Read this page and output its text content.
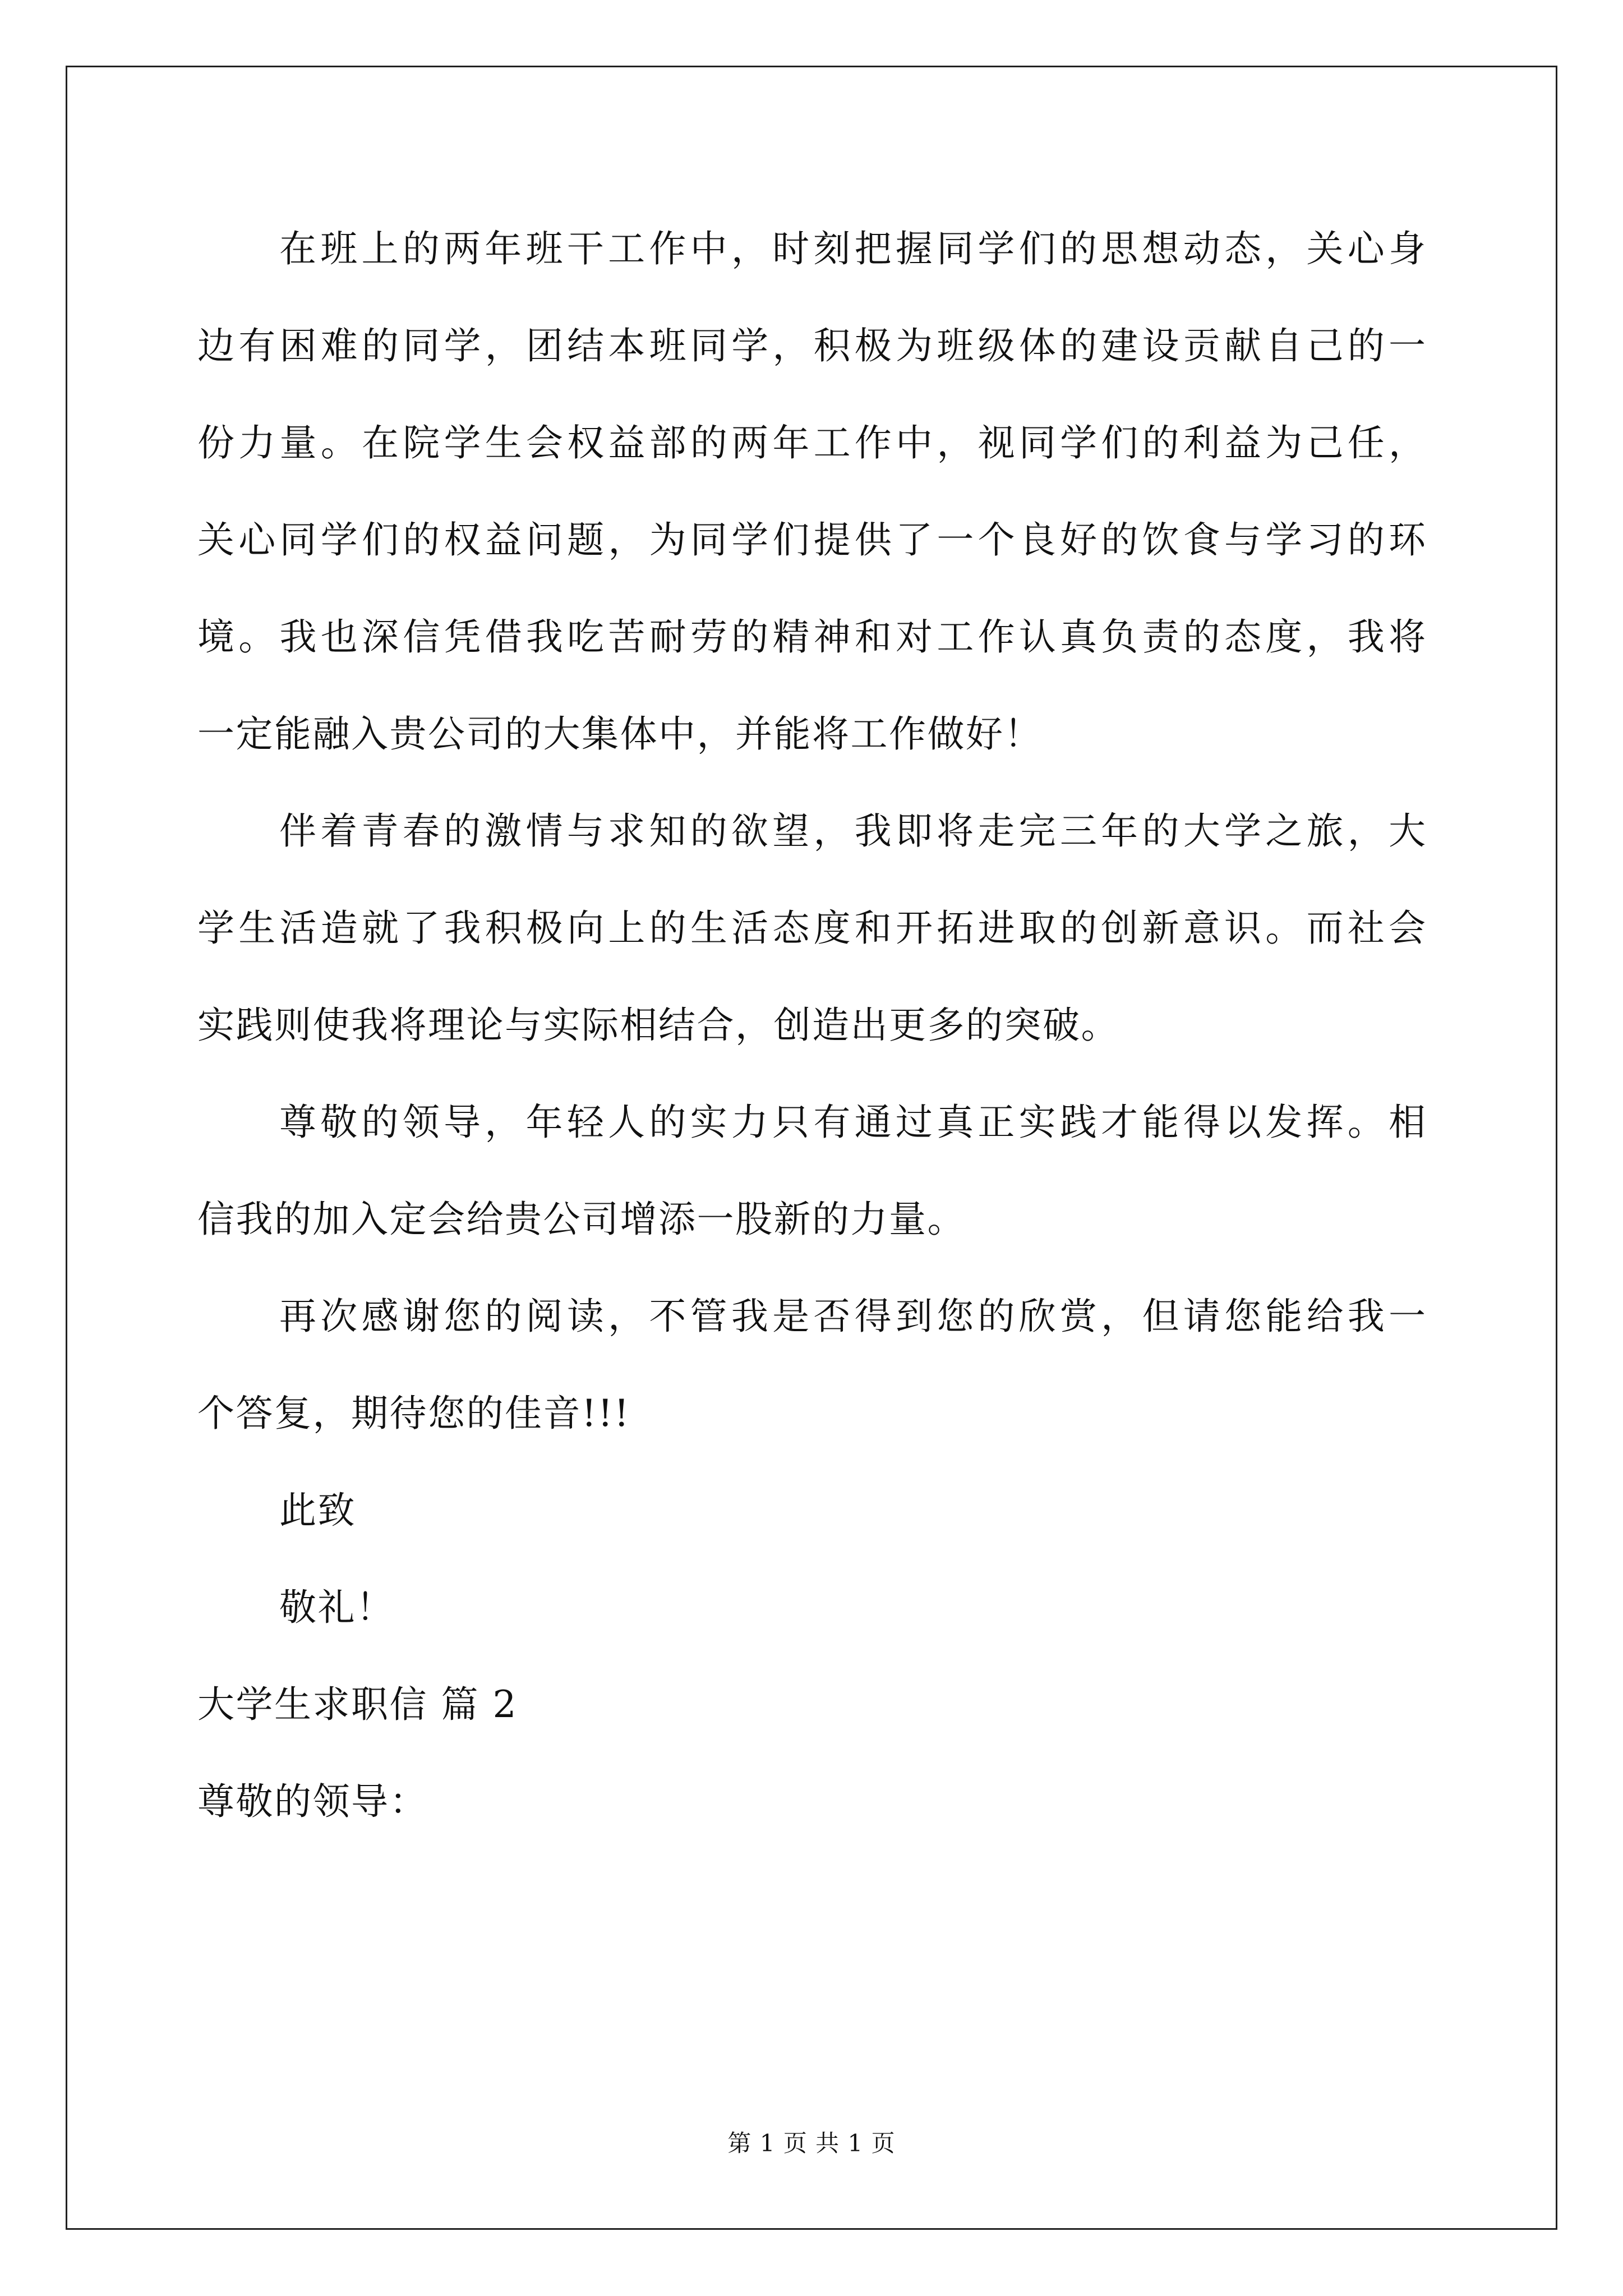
在班上的两年班干工作中，时刻把握同学们的思想动态，关心身
边有困难的同学，团结本班同学，积极为班级体的建设贡献自己的一
份力量。在院学生会权益部的两年工作中，视同学们的利益为己任，
关心同学们的权益问题，为同学们提供了一个良好的饮食与学习的环
境。我也深信凭借我吃苦耐劳的精神和对工作认真负责的态度，我将
一定能融入贵公司的大集体中，并能将工作做好！
伴着青春的激情与求知的欲望，我即将走完三年的大学之旅，大
学生活造就了我积极向上的生活态度和开拓进取的创新意识。而社会
实践则使我将理论与实际相结合，创造出更多的突破。
尊敬的领导，年轻人的实力只有通过真正实践才能得以发挥。相
信我的加入定会给贵公司增添一股新的力量。
再次感谢您的阅读，不管我是否得到您的欣赏，但请您能给我一
个答复，期待您的佳音!!!
此致
敬礼！
大学生求职信 篇 2
尊敬的领导：
第 1 页 共 1 页
